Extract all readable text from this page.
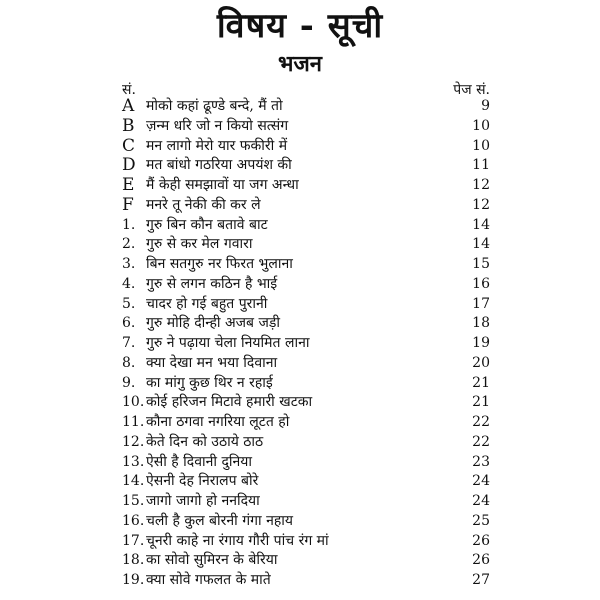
विषय - सूची
भजन
सं.	पेज सं.
A मोको कहां ढूण्डे बन्दे, मैं तो	9
B ज़न्म धरि जो न कियो सत्संग	10
C मन लागो मेरो यार फकीरी में	10
D मत बांधो गठरिया अपयंश की	11
E मैं केही समझावों या जग अन्धा	12
F मनरे तू नेकी की कर ले	12
1. गुरु बिन कौन बतावे बाट	14
2. गुरु से कर मेल गवारा	14
3. बिन सतगुरु नर फिरत भुलाना	15
4. गुरु से लगन कठिन है भाई	16
5. चादर हो गई बहुत पुरानी	17
6. गुरु मोहि दीन्ही अजब जड़ी	18
7. गुरु ने पढ़ाया चेला नियमित लाना	19
8. क्या देखा मन भया दिवाना	20
9. का मांगु कुछ थिर न रहाई	21
10. कोई हरिजन मिटावे हमारी खटका	21
11. कौना ठगवा नगरिया लूटत हो	22
12. केते दिन को उठाये ठाठ	22
13. ऐसी है दिवानी दुनिया	23
14. ऐसनी देह निरालप बोरे	24
15. जागो जागो हो ननदिया	24
16. चली है कुल बोरनी गंगा नहाय	25
17. चूनरी काहे ना रंगाय गौरी पांच रंग मां	26
18. का सोवो सुमिरन के बेरिया	26
19. क्या सोवे गफलत के माते	27
